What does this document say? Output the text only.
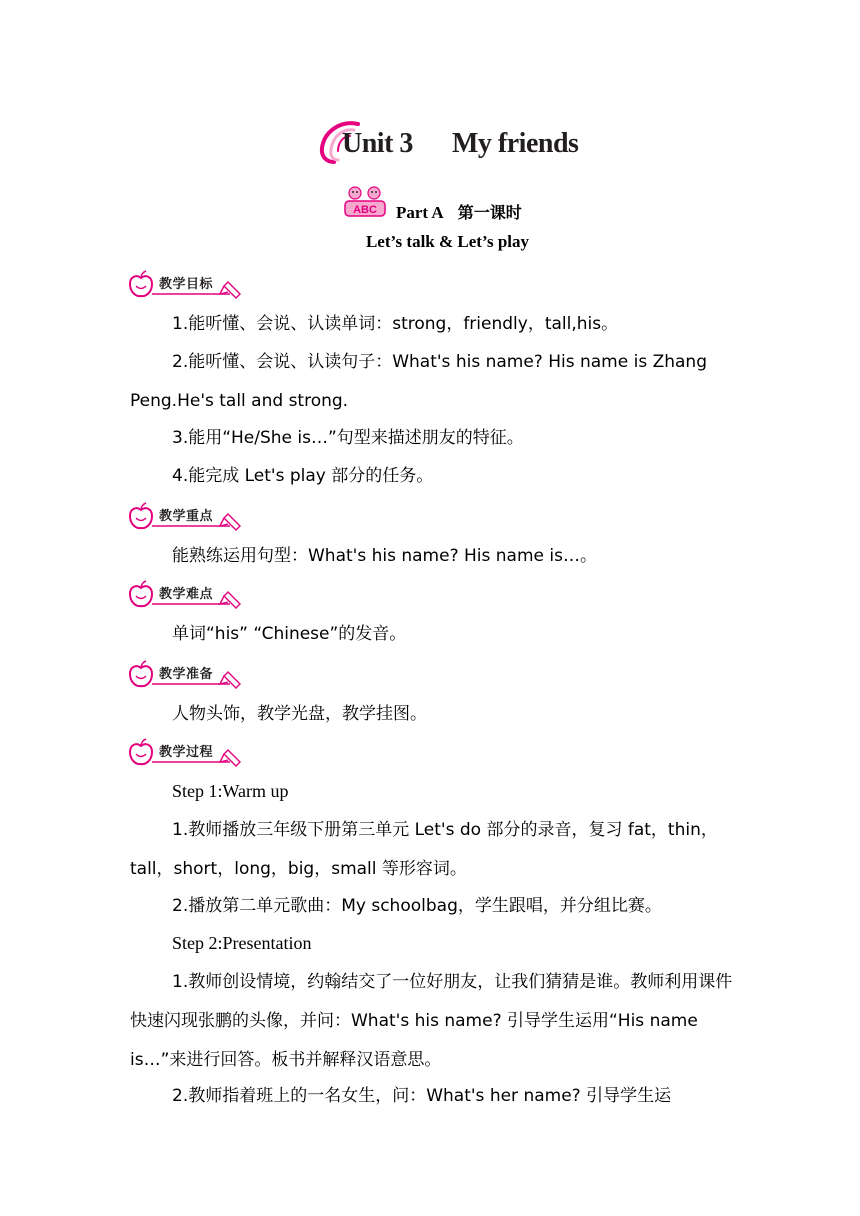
Unit 3 My friends
ABC Part A 第一课时
Let’s talk & Let’s play
教学目标
1.能听懂、会说、认读单词：strong，friendly，tall,his。
2.能听懂、会说、认读句子：What's his name? His name is Zhang Peng.He's tall and strong.
3.能用“He/She is…”句型来描述朋友的特征。
4.能完成 Let's play 部分的任务。
教学重点
能熟练运用句型：What's his name? His name is…。
教学难点
单词“his” “Chinese”的发音。
教学准备
人物头饰，教学光盘，教学挂图。
教学过程
Step 1:Warm up
1.教师播放三年级下册第三单元 Let's do 部分的录音，复习 fat，thin，tall，short，long，big，small 等形容词。
2.播放第二单元歌曲：My schoolbag，学生跟唱，并分组比赛。
Step 2:Presentation
1.教师创设情境，约翰结交了一位好朋友，让我们猜猜是谁。教师利用课件快速闪现张鹏的头像，并问：What's his name? 引导学生运用“His name is…”来进行回答。板书并解释汉语意思。
2.教师指着班上的一名女生，问：What's her name? 引导学生运
